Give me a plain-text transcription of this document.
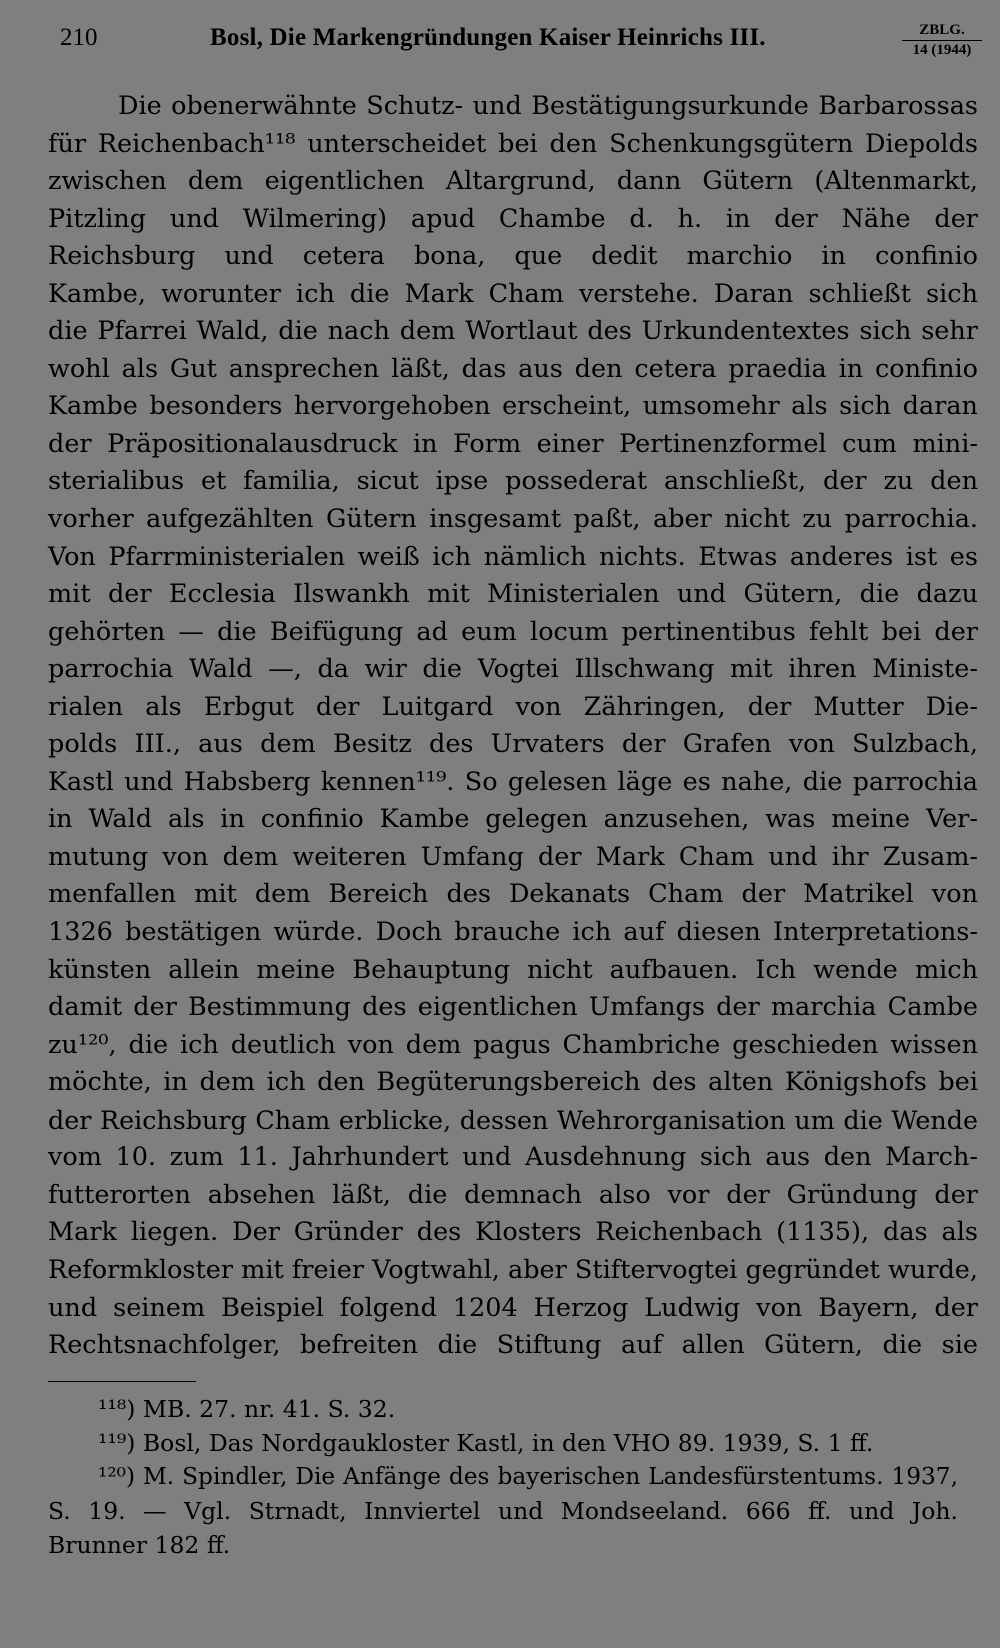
210	Bosl, Die Markengründungen Kaiser Heinrichs III.	ZBLG.
14 (1944)
Die obenerwähnte Schutz- und Bestätigungsurkunde Barbarossas
für Reichenbach¹¹⁸ unterscheidet bei den Schenkungsgütern Diepolds
zwischen dem eigentlichen Altargrund, dann Gütern (Altenmarkt,
Pitzling und Wilmering) apud Chambe d. h. in der Nähe der
Reichsburg und cetera bona, que dedit marchio in confinio
Kambe, worunter ich die Mark Cham verstehe. Daran schließt sich
die Pfarrei Wald, die nach dem Wortlaut des Urkundentextes sich sehr
wohl als Gut ansprechen läßt, das aus den cetera praedia in confinio
Kambe besonders hervorgehoben erscheint, umsomehr als sich daran
der Präpositionalausdruck in Form einer Pertinenzformel cum mini-
sterialibus et familia, sicut ipse possederat anschließt, der zu den
vorher aufgezählten Gütern insgesamt paßt, aber nicht zu parrochia.
Von Pfarrministerialen weiß ich nämlich nichts. Etwas anderes ist es
mit der Ecclesia Ilswankh mit Ministerialen und Gütern, die dazu
gehörten — die Beifügung ad eum locum pertinentibus fehlt bei der
parrochia Wald —, da wir die Vogtei Illschwang mit ihren Ministe-
rialen als Erbgut der Luitgard von Zähringen, der Mutter Die-
polds III., aus dem Besitz des Urvaters der Grafen von Sulzbach,
Kastl und Habsberg kennen¹¹⁹. So gelesen läge es nahe, die parrochia
in Wald als in confinio Kambe gelegen anzusehen, was meine Ver-
mutung von dem weiteren Umfang der Mark Cham und ihr Zusam-
menfallen mit dem Bereich des Dekanats Cham der Matrikel von
1326 bestätigen würde. Doch brauche ich auf diesen Interpretations-
künsten allein meine Behauptung nicht aufbauen. Ich wende mich
damit der Bestimmung des eigentlichen Umfangs der marchia Cambe
zu¹²⁰, die ich deutlich von dem pagus Chambriche geschieden wissen
möchte, in dem ich den Begüterungsbereich des alten Königshofs bei
der Reichsburg Cham erblicke, dessen Wehrorganisation um die Wende
vom 10. zum 11. Jahrhundert und Ausdehnung sich aus den March-
futterorten absehen läßt, die demnach also vor der Gründung der
Mark liegen. Der Gründer des Klosters Reichenbach (1135), das als
Reformkloster mit freier Vogtwahl, aber Stiftervogtei gegründet wurde,
und seinem Beispiel folgend 1204 Herzog Ludwig von Bayern, der
Rechtsnachfolger, befreiten die Stiftung auf allen Gütern, die sie
¹¹⁸) MB. 27. nr. 41. S. 32.
¹¹⁹) Bosl, Das Nordgaukloster Kastl, in den VHO 89. 1939, S. 1 ff.
¹²⁰) M. Spindler, Die Anfänge des bayerischen Landesfürstentums. 1937,
S. 19. — Vgl. Strnadt, Innviertel und Mondseeland. 666 ff. und Joh.
Brunner 182 ff.
